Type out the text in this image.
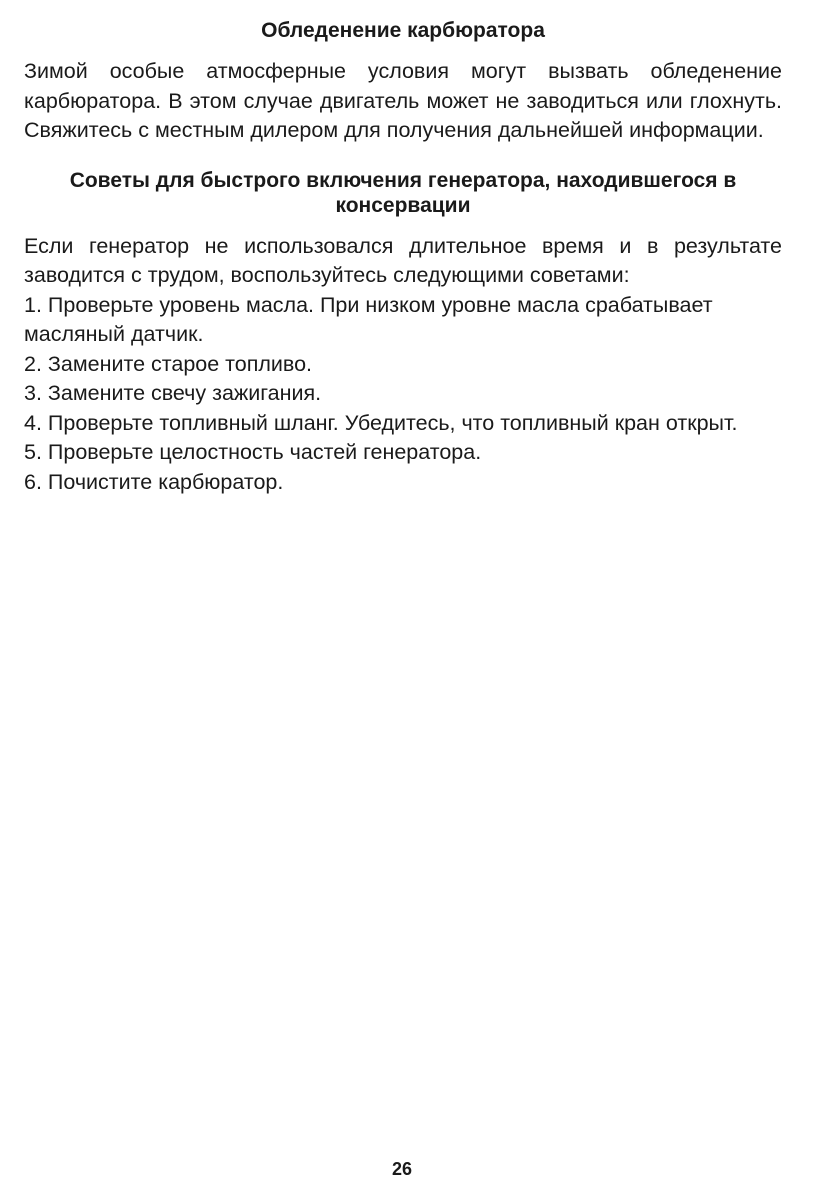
Обледенение карбюратора

Зимой особые атмосферные условия могут вызвать обледенение карбюратора. В этом случае двигатель может не заводиться или глохнуть. Свяжитесь с местным дилером для получения дальнейшей информации.

Советы для быстрого включения генератора, находившегося в консервации

Если генератор не использовался длительное время и в результате заводится с трудом, воспользуйтесь следующими советами:

1. Проверьте уровень масла. При низком уровне масла срабатывает масляный датчик.
2. Замените старое топливо.
3. Замените свечу зажигания.
4. Проверьте топливный шланг. Убедитесь, что топливный кран открыт.
5. Проверьте целостность частей генератора.
6. Почистите карбюратор.
26
